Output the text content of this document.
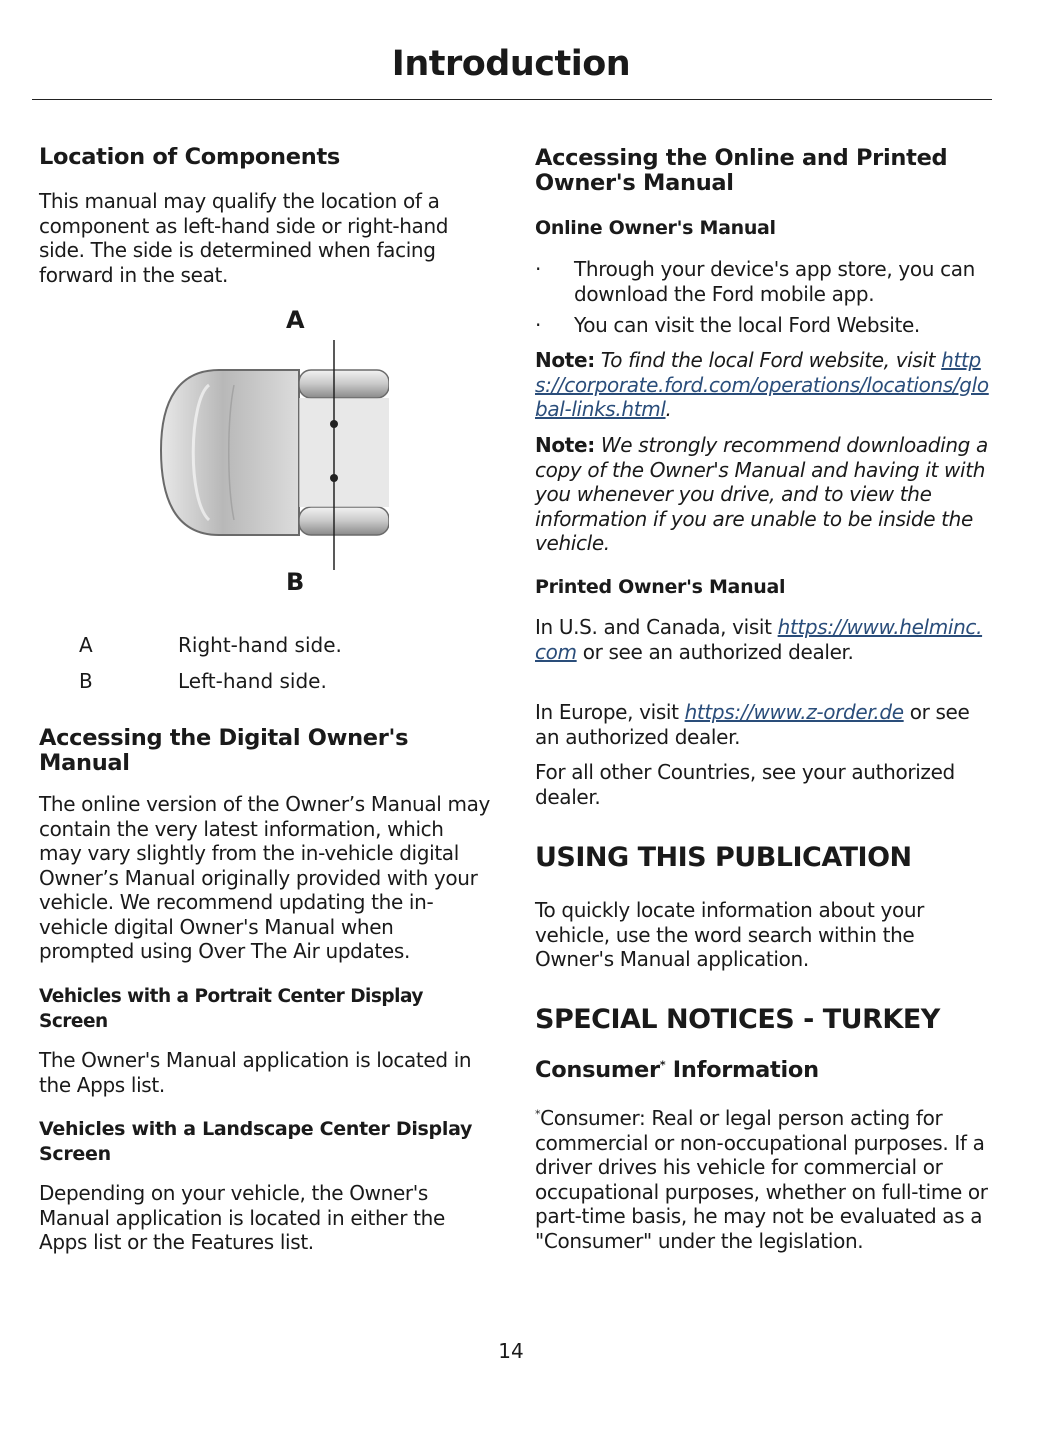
Introduction
Location of Components

This manual may qualify the location of a component as left-hand side or right-hand side. The side is determined when facing forward in the seat.

A
B
A	Right-hand side.
B	Left-hand side.
Accessing the Digital Owner's Manual

The online version of the Owner’s Manual may contain the very latest information, which may vary slightly from the in-vehicle digital Owner’s Manual originally provided with your vehicle. We recommend updating the in-vehicle digital Owner's Manual when prompted using Over The Air updates.

Vehicles with a Portrait Center Display Screen

The Owner's Manual application is located in the Apps list.

Vehicles with a Landscape Center Display Screen

Depending on your vehicle, the Owner's Manual application is located in either the Apps list or the Features list.

Accessing the Online and Printed Owner's Manual
Online Owner's Manual
· Through your device's app store, you can download the Ford mobile app.

· You can visit the local Ford Website.

Note: To find the local Ford website, visit https://corporate.ford.com/operations/locations/global-links.html.

Note: We strongly recommend downloading a copy of the Owner's Manual and having it with you whenever you drive, and to view the information if you are unable to be inside the vehicle.

Printed Owner's Manual

In U.S. and Canada, visit https://www.helminc.com or see an authorized dealer.

In Europe, visit https://www.z-order.de or see an authorized dealer.

For all other Countries, see your authorized dealer.

USING THIS PUBLICATION

To quickly locate information about your vehicle, use the word search within the Owner's Manual application.

SPECIAL NOTICES - TURKEY
Consumer* Information

*Consumer: Real or legal person acting for commercial or non-occupational purposes. If a driver drives his vehicle for commercial or occupational purposes, whether on full-time or part-time basis, he may not be evaluated as a "Consumer" under the legislation.

14
